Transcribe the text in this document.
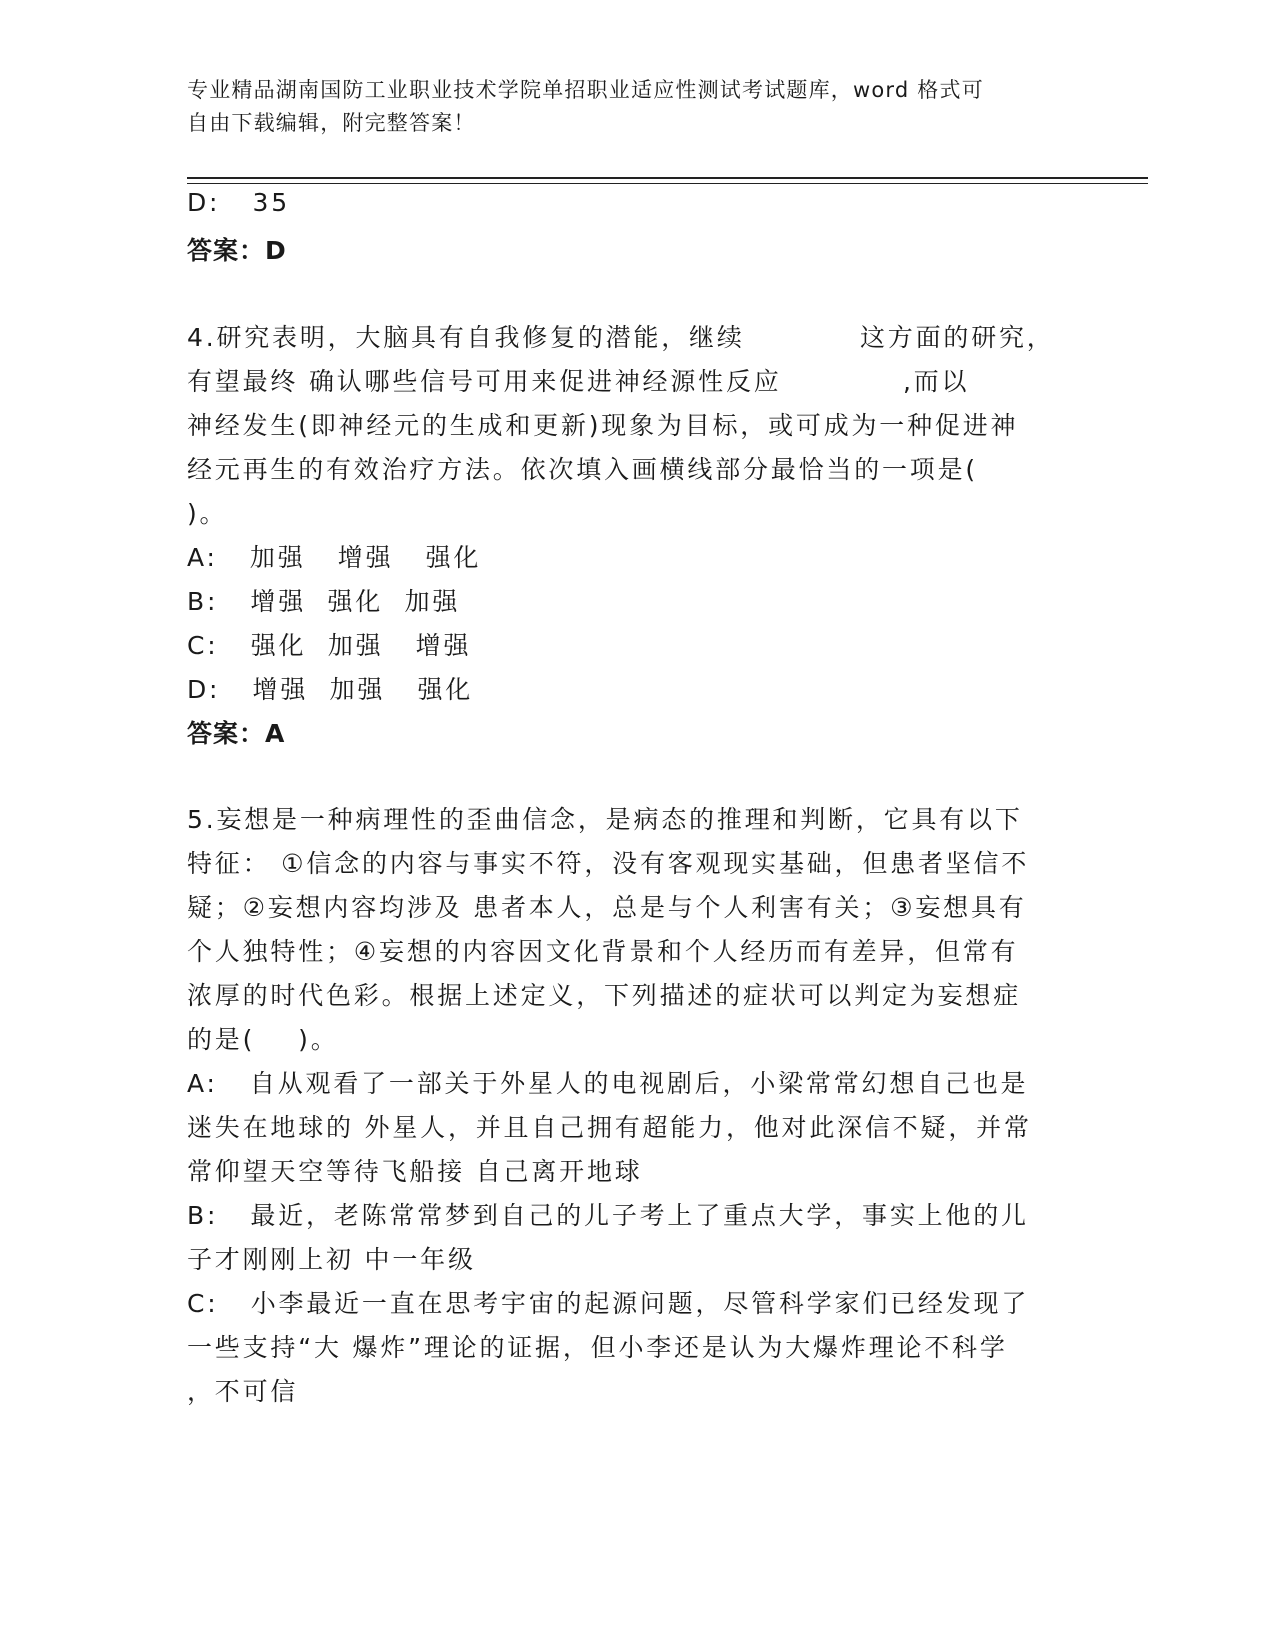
专业精品湖南国防工业职业技术学院单招职业适应性测试考试题库，word 格式可
自由下载编辑，附完整答案！
D:   35
答案：D
4.研究表明，大脑具有自我修复的潜能，继续	这方面的研究，
有望最终 确认哪些信号可用来促进神经源性反应	,而以
神经发生(即神经元的生成和更新)现象为目标，或可成为一种促进神
经元再生的有效治疗方法。依次填入画横线部分最恰当的一项是(
)。
A:   加强   增强   强化
B:   增强  强化  加强
C:   强化  加强   增强
D:   增强  加强   强化
答案：A
5.妄想是一种病理性的歪曲信念，是病态的推理和判断，它具有以下
特征： ①信念的内容与事实不符，没有客观现实基础，但患者坚信不
疑；②妄想内容均涉及 患者本人，总是与个人利害有关；③妄想具有
个人独特性；④妄想的内容因文化背景和个人经历而有差异，但常有
浓厚的时代色彩。根据上述定义，下列描述的症状可以判定为妄想症
的是(    )。
A:   自从观看了一部关于外星人的电视剧后，小梁常常幻想自己也是
迷失在地球的 外星人，并且自己拥有超能力，他对此深信不疑，并常
常仰望天空等待飞船接 自己离开地球
B:   最近，老陈常常梦到自己的儿子考上了重点大学，事实上他的儿
子才刚刚上初 中一年级
C:   小李最近一直在思考宇宙的起源问题，尽管科学家们已经发现了
一些支持“大 爆炸”理论的证据，但小李还是认为大爆炸理论不科学
，不可信
